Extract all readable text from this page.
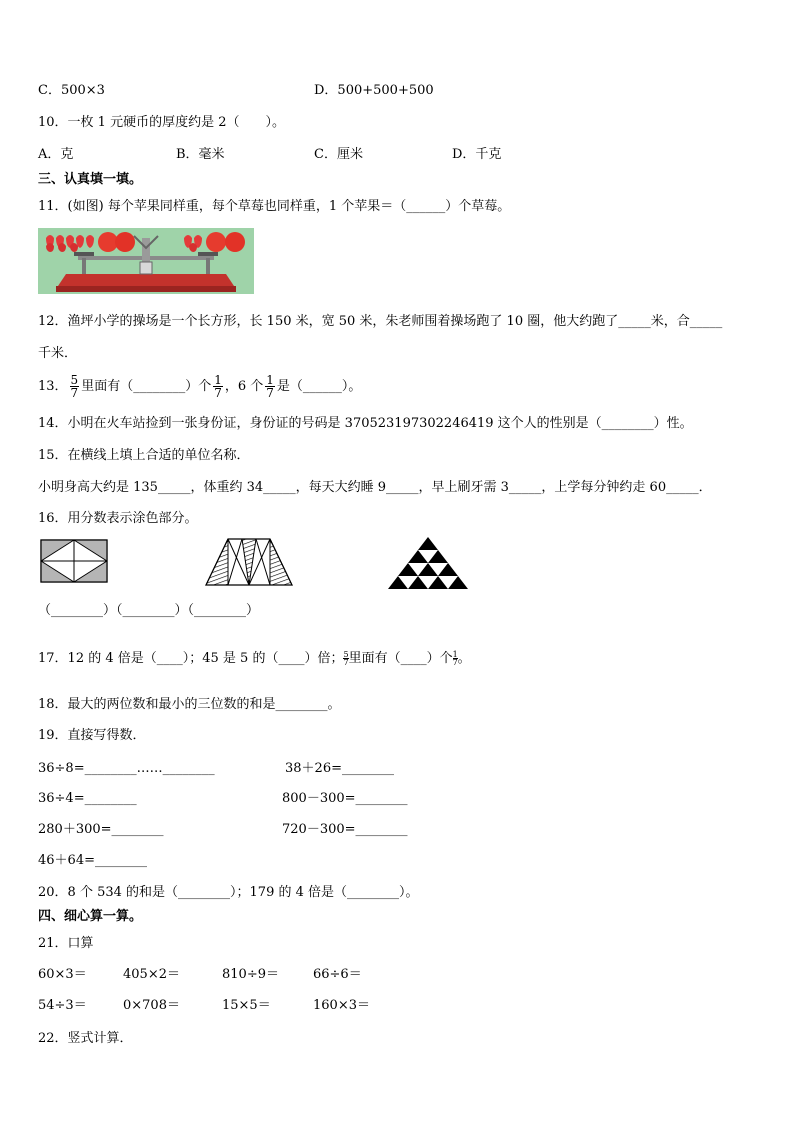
C．500×3	D．500+500+500
10．一枚 1 元硬币的厚度约是 2（　　）。
A．克	B．毫米	C．厘米	D．千克
三、认真填一填。
11．(如图) 每个苹果同样重，每个草莓也同样重，1 个苹果＝（______）个草莓。
12．渔坪小学的操场是一个长方形，长 150 米，宽 50 米，朱老师围着操场跑了 10 圈，他大约跑了_____米，合_____
千米．
13． $\frac{5}{7}$ 里面有（________）个 $\frac{1}{7}$ ，6 个 $\frac{1}{7}$ 是（______）。
14．小明在火车站捡到一张身份证，身份证的号码是 370523197302246419 这个人的性别是（________）性。
15．在横线上填上合适的单位名称．
小明身高大约是 135_____，体重约 34_____，每天大约睡 9_____，早上刷牙需 3_____，上学每分钟约走 60_____．
16．用分数表示涂色部分。
（________）（________）（________）
17．12 的 4 倍是（____）；45 是 5 的（____）倍； $\frac{5}{7}$ 里面有（____）个 $\frac{1}{7}$ 。
18．最大的两位数和最小的三位数的和是________。
19．直接写得数．
36÷8=________……________	38＋26=________
36÷4=________	800－300=________
280＋300=________	720－300=________
46＋64=________
20．8 个 534 的和是（________）；179 的 4 倍是（________）。
四、细心算一算。
21．口算
60×3＝	405×2＝	810÷9＝	66÷6＝
54÷3＝	0×708＝	15×5＝	160×3＝
22．竖式计算．
